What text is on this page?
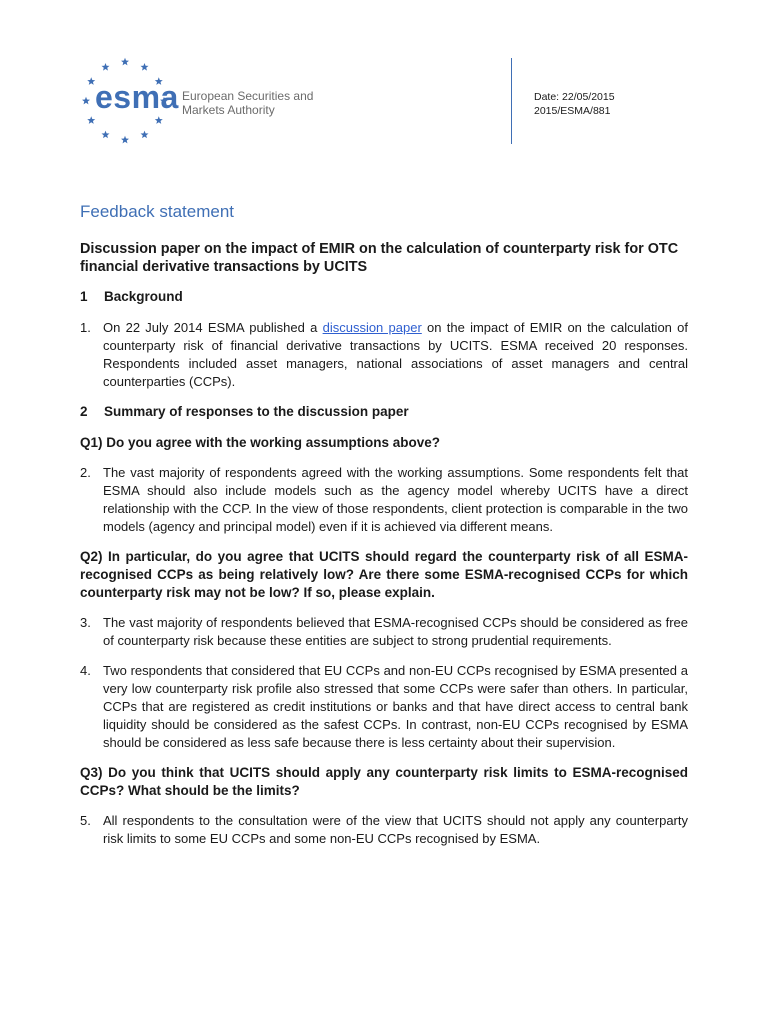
esma European Securities and
Markets Authority
Date: 22/05/2015
2015/ESMA/881
Feedback statement

Discussion paper on the impact of EMIR on the calculation of counterparty risk for OTC financial derivative transactions by UCITS

1	Background
1. On 22 July 2014 ESMA published a discussion paper on the impact of EMIR on the calculation of counterparty risk of financial derivative transactions by UCITS. ESMA received 20 responses. Respondents included asset managers, national associations of asset managers and central counterparties (CCPs).
2	Summary of responses to the discussion paper

Q1) Do you agree with the working assumptions above?

2. The vast majority of respondents agreed with the working assumptions. Some respondents felt that ESMA should also include models such as the agency model whereby UCITS have a direct relationship with the CCP. In the view of those respondents, client protection is comparable in the two models (agency and principal model) even if it is achieved via different means.

Q2) In particular, do you agree that UCITS should regard the counterparty risk of all ESMA-recognised CCPs as being relatively low? Are there some ESMA-recognised CCPs for which counterparty risk may not be low? If so, please explain.

3. The vast majority of respondents believed that ESMA-recognised CCPs should be considered as free of counterparty risk because these entities are subject to strong prudential requirements.
4. Two respondents that considered that EU CCPs and non-EU CCPs recognised by ESMA presented a very low counterparty risk profile also stressed that some CCPs were safer than others. In particular, CCPs that are registered as credit institutions or banks and that have direct access to central bank liquidity should be considered as the safest CCPs. In contrast, non-EU CCPs recognised by ESMA should be considered as less safe because there is less certainty about their supervision.

Q3) Do you think that UCITS should apply any counterparty risk limits to ESMA-recognised CCPs? What should be the limits?

5. All respondents to the consultation were of the view that UCITS should not apply any counterparty risk limits to some EU CCPs and some non-EU CCPs recognised by ESMA.
